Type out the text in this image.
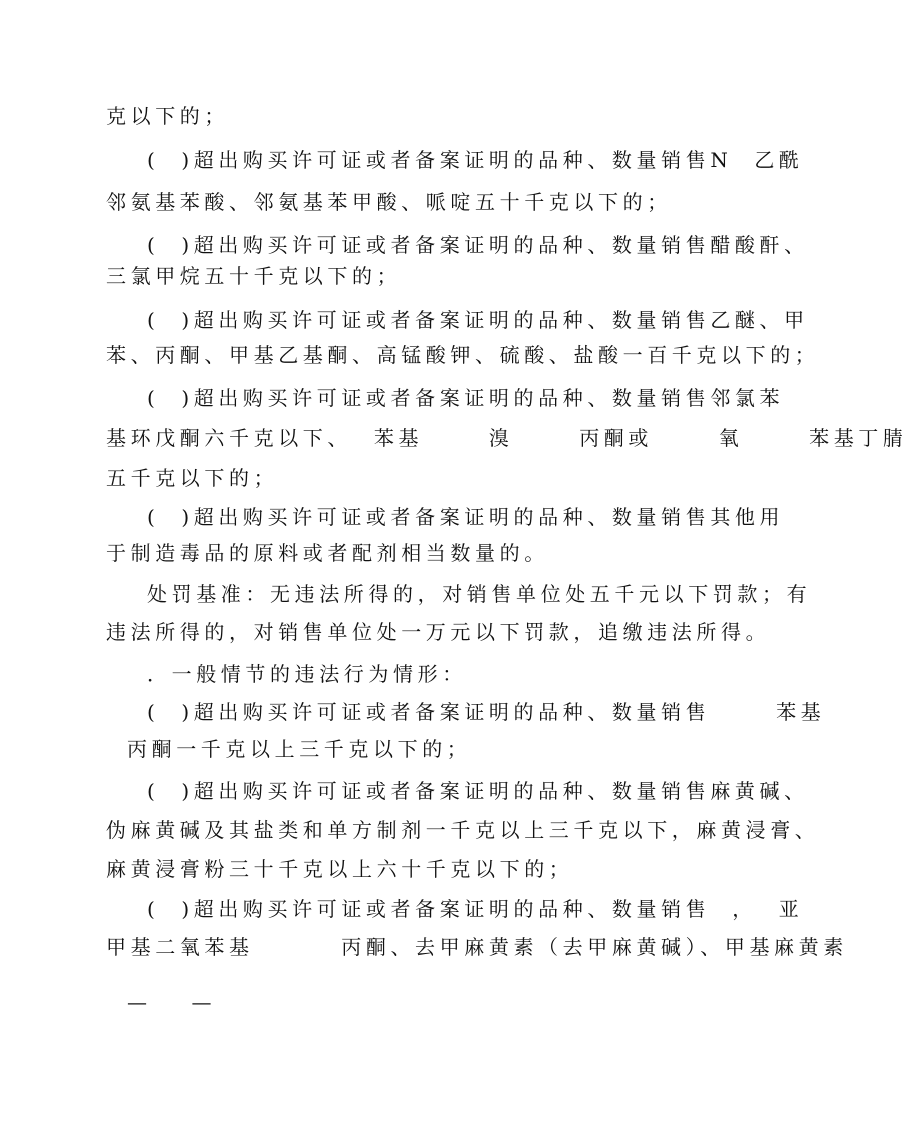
克以下的；
(  )超出购买许可证或者备案证明的品种、数量销售N  乙酰
邻氨基苯酸、邻氨基苯甲酸、哌啶五十千克以下的；
(  )超出购买许可证或者备案证明的品种、数量销售醋酸酐、
三氯甲烷五十千克以下的；
(  )超出购买许可证或者备案证明的品种、数量销售乙醚、甲
苯、丙酮、甲基乙基酮、高锰酸钾、硫酸、盐酸一百千克以下的；
(  )超出购买许可证或者备案证明的品种、数量销售邻氯苯
基环戊酮六千克以下、  苯基      溴      丙酮或      氧      苯基丁腈
五千克以下的；
(  )超出购买许可证或者备案证明的品种、数量销售其他用
于制造毒品的原料或者配剂相当数量的。
处罚基准：无违法所得的，对销售单位处五千元以下罚款；有
违法所得的，对销售单位处一万元以下罚款，追缴违法所得。
．一般情节的违法行为情形：
(  )超出购买许可证或者备案证明的品种、数量销售      苯基
丙酮一千克以上三千克以下的；
(  )超出购买许可证或者备案证明的品种、数量销售麻黄碱、
伪麻黄碱及其盐类和单方制剂一千克以上三千克以下，麻黄浸膏、
麻黄浸膏粉三十千克以上六十千克以下的；
(  )超出购买许可证或者备案证明的品种、数量销售  ，  亚
甲基二氧苯基        丙酮、去甲麻黄素（去甲麻黄碱）、甲基麻黄素
—       —
